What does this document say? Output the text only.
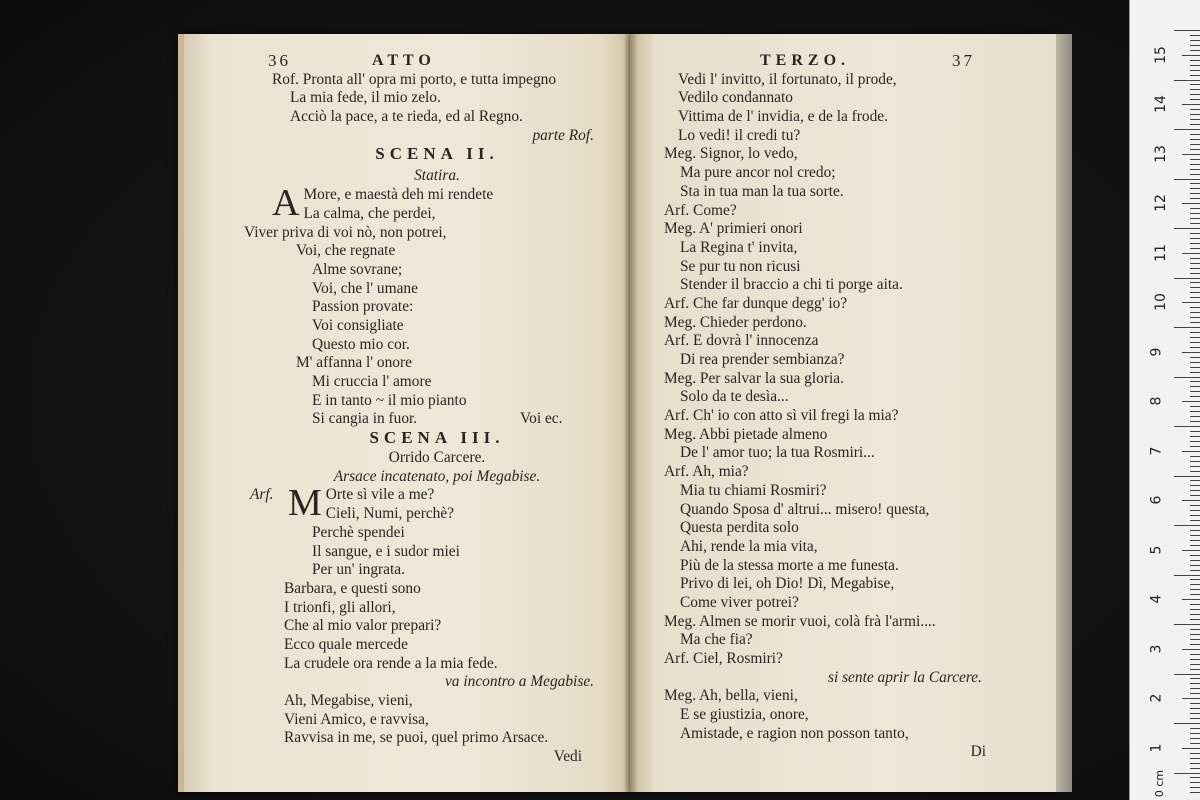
36	ATTO
Rof. Pronta all' opra mi porto, e tutta impegno
La mia fede, il mio zelo.
Acciò la pace, a te rieda, ed al Regno.
parte Rof.
SCENA II.
Statira.
A More, e maestà deh mi rendete
La calma, che perdei,
Viver priva di voi nò, non potrei,
Voi, che regnate
Alme sovrane;
Voi, che l' umane
Passion provate:
Voi consigliate
Questo mio cor.
M' affanna l' onore
Mi cruccia l' amore
E in tanto ~ il mio pianto
Si cangia in fuor.	Voi ec.
SCENA III.
Orrido Carcere.
Arsace incatenato, poi Megabise.
Arf. M Orte sì vile a me?
Cieli, Numi, perchè?
Perchè spendei
Il sangue, e i sudor miei
Per un' ingrata.
Barbara, e questi sono
I trionfi, gli allori,
Che al mio valor prepari?
Ecco quale mercede
La crudele ora rende a la mia fede.
va incontro a Megabise.
Ah, Megabise, vieni,
Vieni Amico, e ravvisa,
Ravvisa in me, se puoi, quel primo Arsace.
Vedi
TERZO.	37
Vedi l' invitto, il fortunato, il prode,
Vedilo condannato
Vittima de l' invidia, e de la frode.
Lo vedi! il credi tu?
Meg. Signor, lo vedo,
Ma pure ancor nol credo;
Sta in tua man la tua sorte.
Arf. Come?
Meg. A' primieri onori
La Regina t' invita,
Se pur tu non ricusi
Stender il braccio a chi ti porge aita.
Arf. Che far dunque degg' io?
Meg. Chieder perdono.
Arf. E dovrà l' innocenza
Di rea prender sembianza?
Meg. Per salvar la sua gloria.
Solo da te desìa...
Arf. Ch' io con atto sì vil fregi la mia?
Meg. Abbi pietade almeno
De l' amor tuo; la tua Rosmiri...
Arf. Ah, mia?
Mia tu chiami Rosmiri?
Quando Sposa d' altrui... misero! questa,
Questa perdita solo
Ahi, rende la mia vita,
Più de la stessa morte a me funesta.
Privo di lei, oh Dio! Dì, Megabise,
Come viver potrei?
Meg. Almen se morir vuoi, colà frà l'armi....
Ma che fia?
Arf. Ciel, Rosmiri?
si sente aprir la Carcere.
Meg. Ah, bella, vieni,
E se giustizia, onore,
Amistade, e ragion non posson tanto,
Di
15
14
13
12
11
10
9
8
7
6
5
4
3
2
1
0 cm
